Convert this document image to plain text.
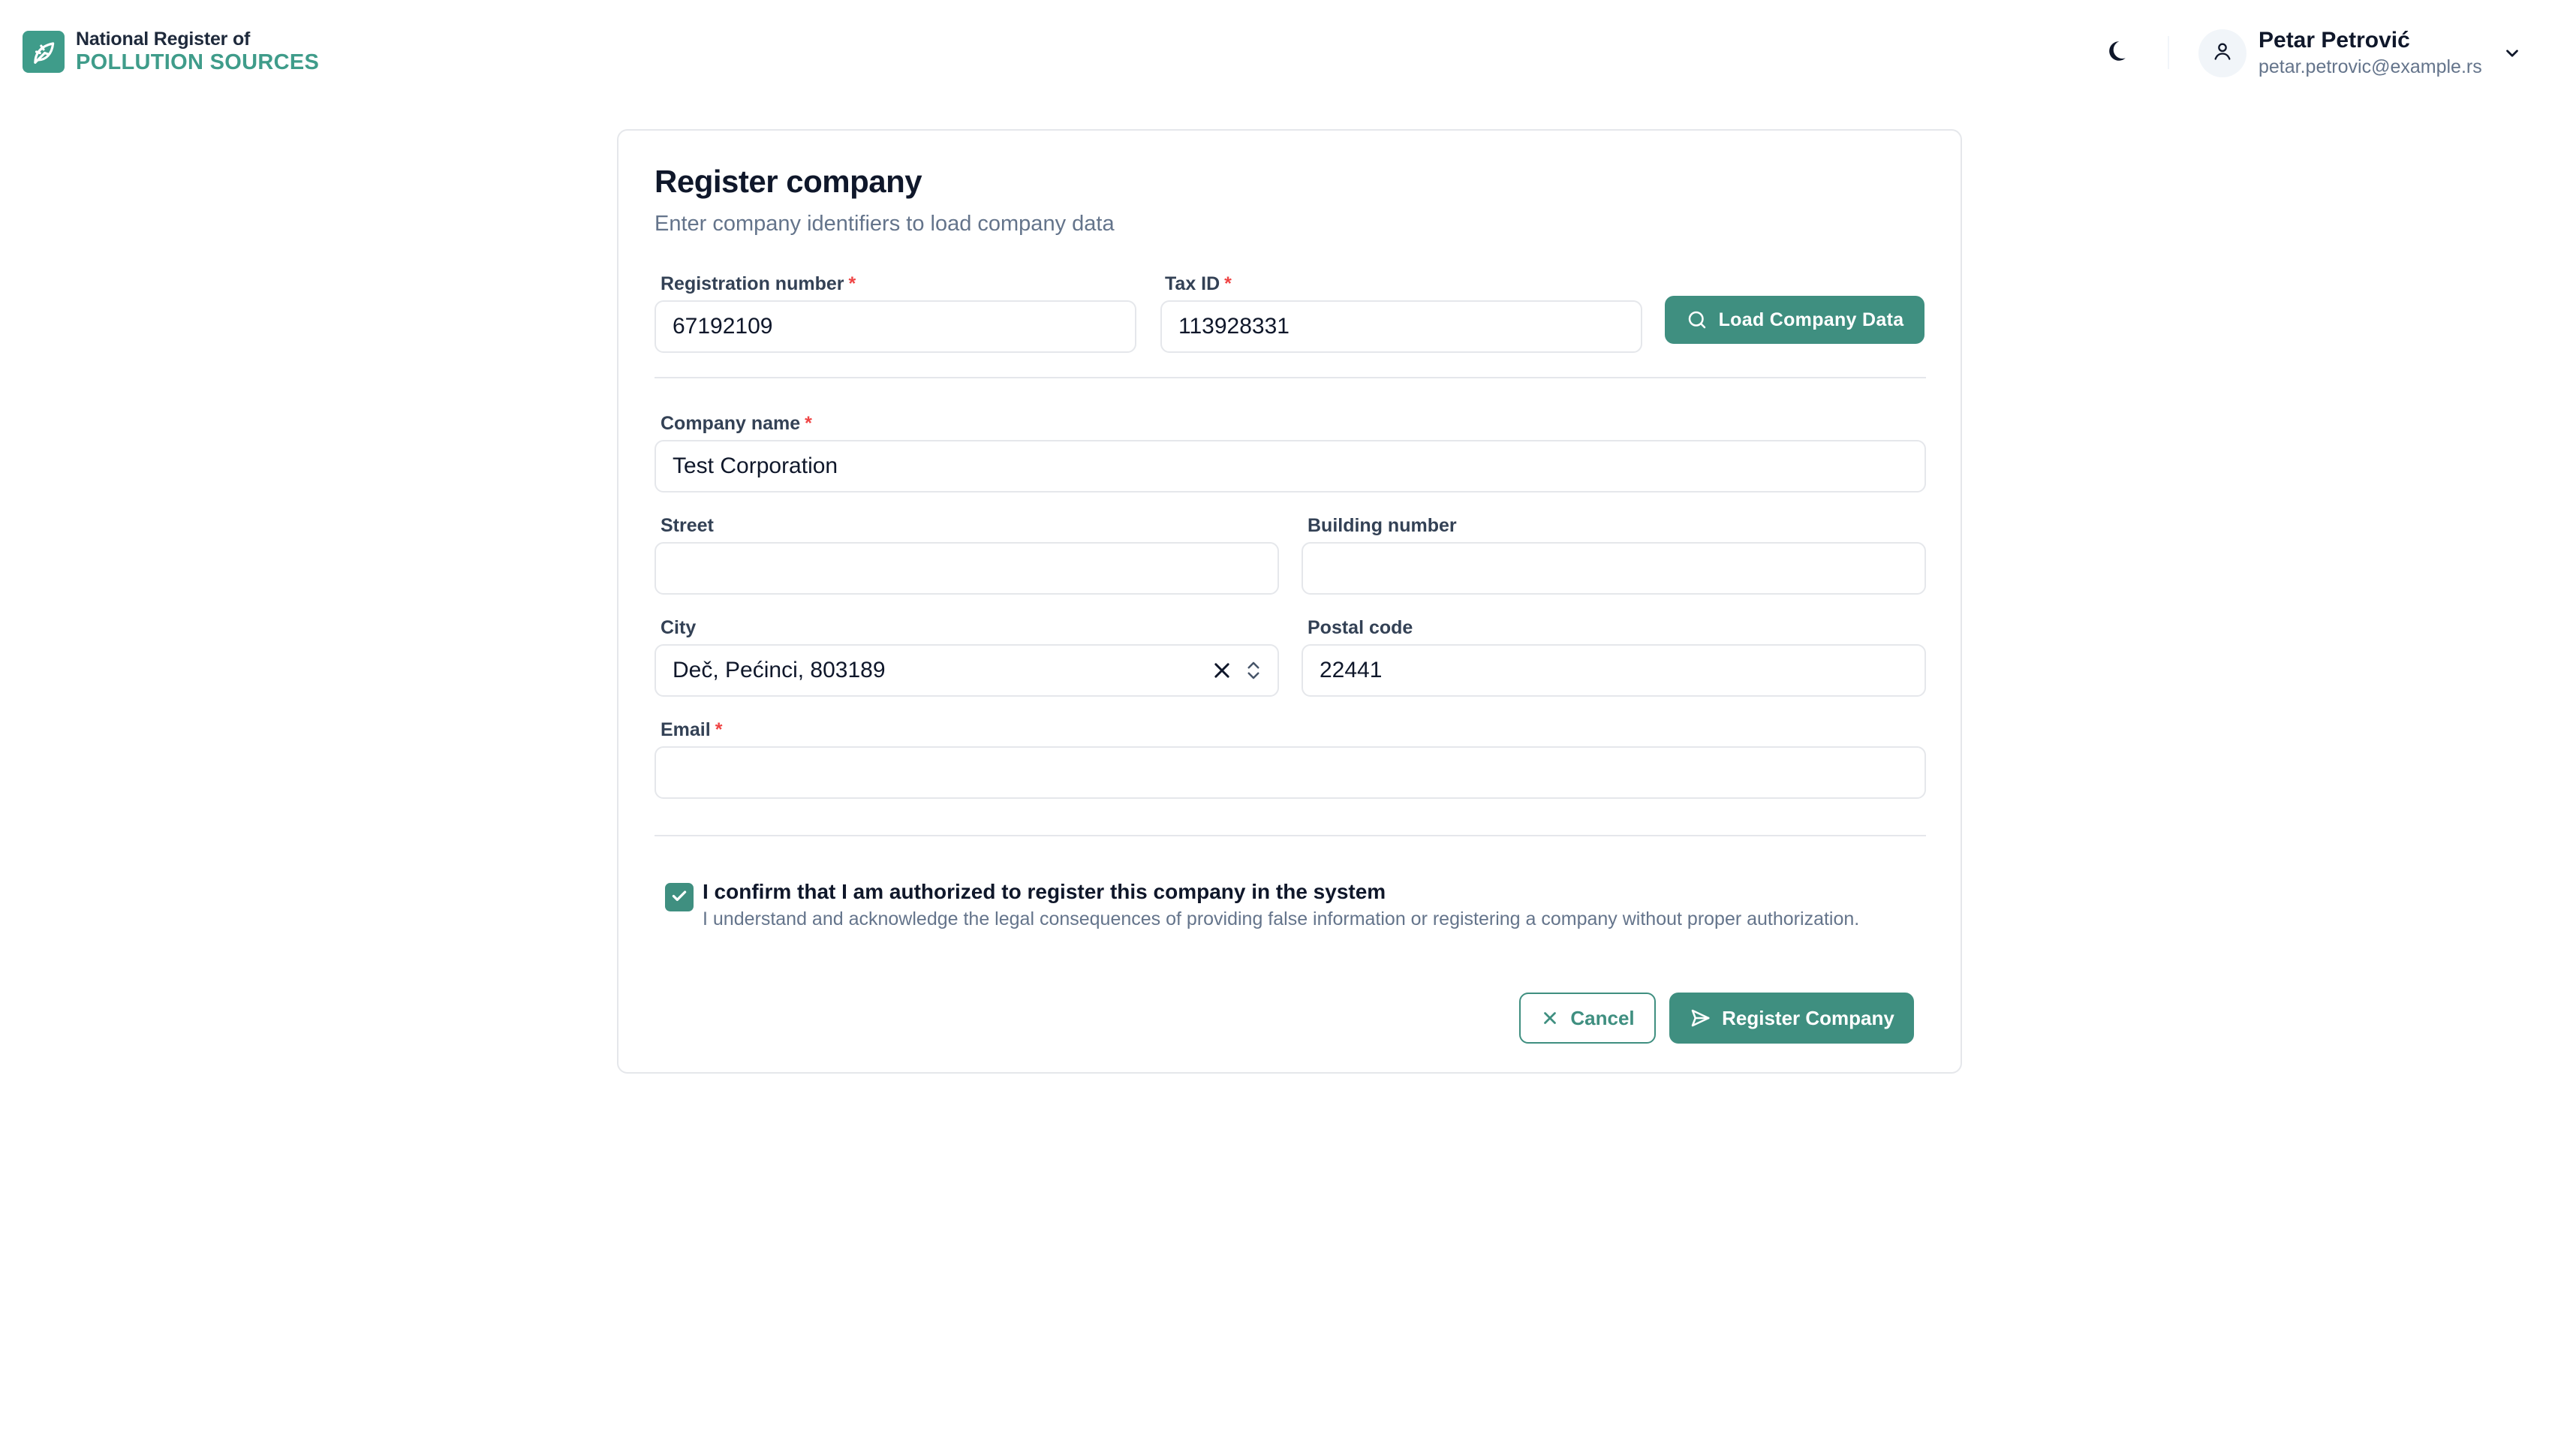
National Register of
POLLUTION SOURCES
Petar Petrović
petar.petrovic@example.rs
Register company
Enter company identifiers to load company data
Registration number *
67192109
Tax ID *
113928331	Load Company Data
Company name *
Test Corporation
Street	Building number
City
Deč, Pećinci, 803189
Postal code
22441
Email *
I confirm that I am authorized to register this company in the system
I understand and acknowledge the legal consequences of providing false information or registering a company without proper authorization.
Cancel	Register Company
